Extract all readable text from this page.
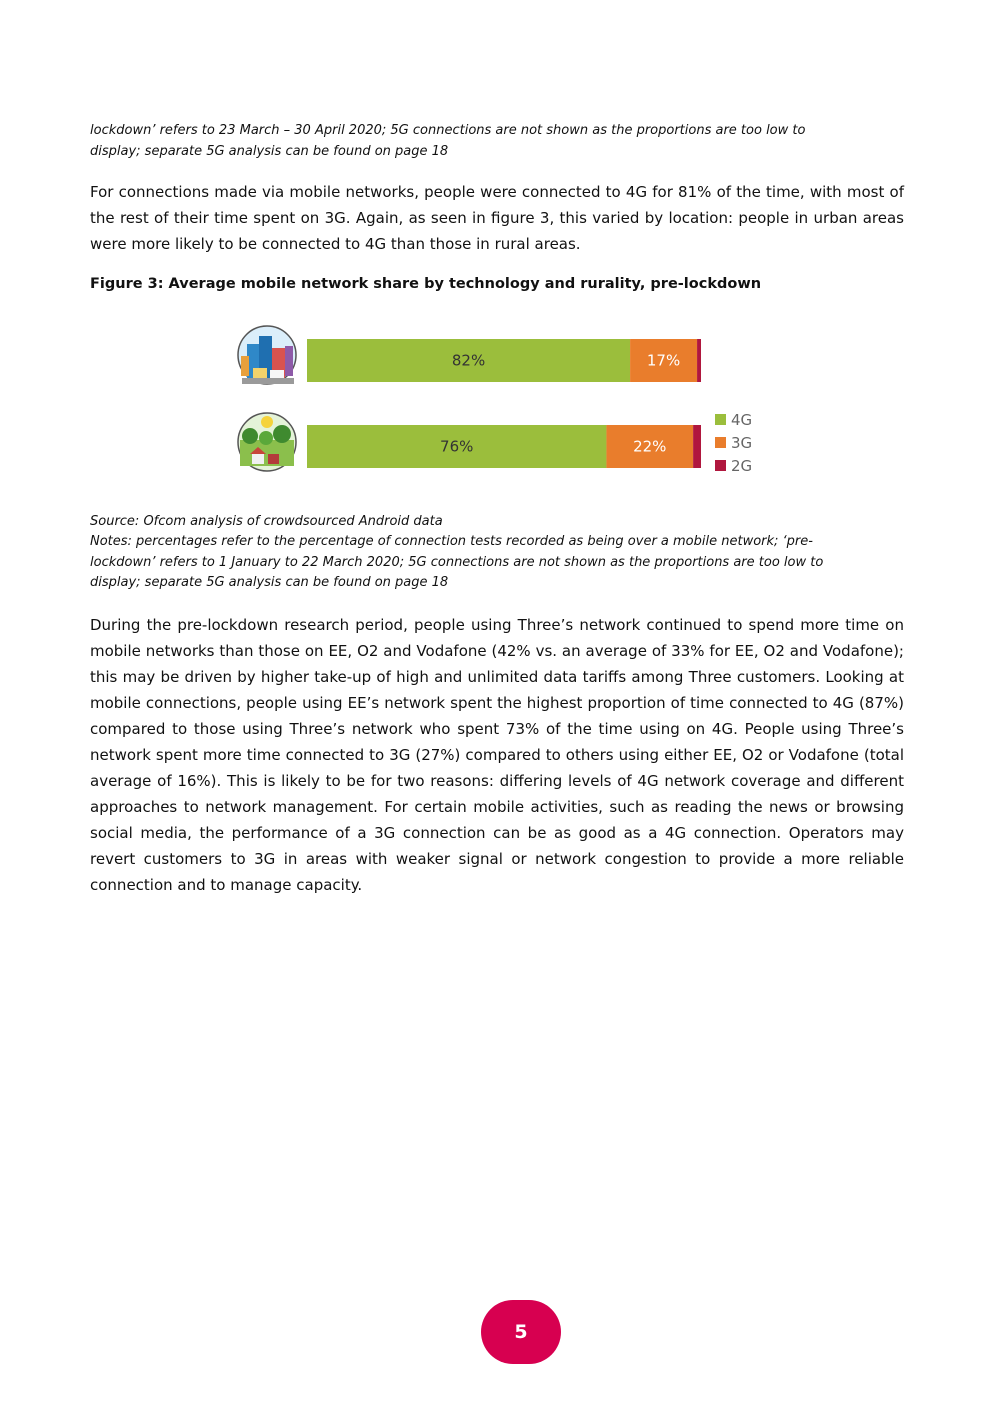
lockdown’ refers to 23 March – 30 April 2020; 5G connections are not shown as the proportions are too low to display; separate 5G analysis can be found on page 18

For connections made via mobile networks, people were connected to 4G for 81% of the time, with most of the rest of their time spent on 3G. Again, as seen in figure 3, this varied by location: people in urban areas were more likely to be connected to 4G than those in rural areas.

Figure 3: Average mobile network share by technology and rurality, pre-lockdown

82%	17%
76%	22%
4G
3G
2G

Source: Ofcom analysis of crowdsourced Android data

Notes: percentages refer to the percentage of connection tests recorded as being over a mobile network; ‘pre-lockdown’ refers to 1 January to 22 March 2020; 5G connections are not shown as the proportions are too low to display; separate 5G analysis can be found on page 18

During the pre-lockdown research period, people using Three’s network continued to spend more time on mobile networks than those on EE, O2 and Vodafone (42% vs. an average of 33% for EE, O2 and Vodafone); this may be driven by higher take-up of high and unlimited data tariffs among Three customers. Looking at mobile connections, people using EE’s network spent the highest proportion of time connected to 4G (87%) compared to those using Three’s network who spent 73% of the time using on 4G. People using Three’s network spent more time connected to 3G (27%) compared to others using either EE, O2 or Vodafone (total average of 16%). This is likely to be for two reasons: differing levels of 4G network coverage and different approaches to network management. For certain mobile activities, such as reading the news or browsing social media, the performance of a 3G connection can be as good as a 4G connection. Operators may revert customers to 3G in areas with weaker signal or network congestion to provide a more reliable connection and to manage capacity.

5
